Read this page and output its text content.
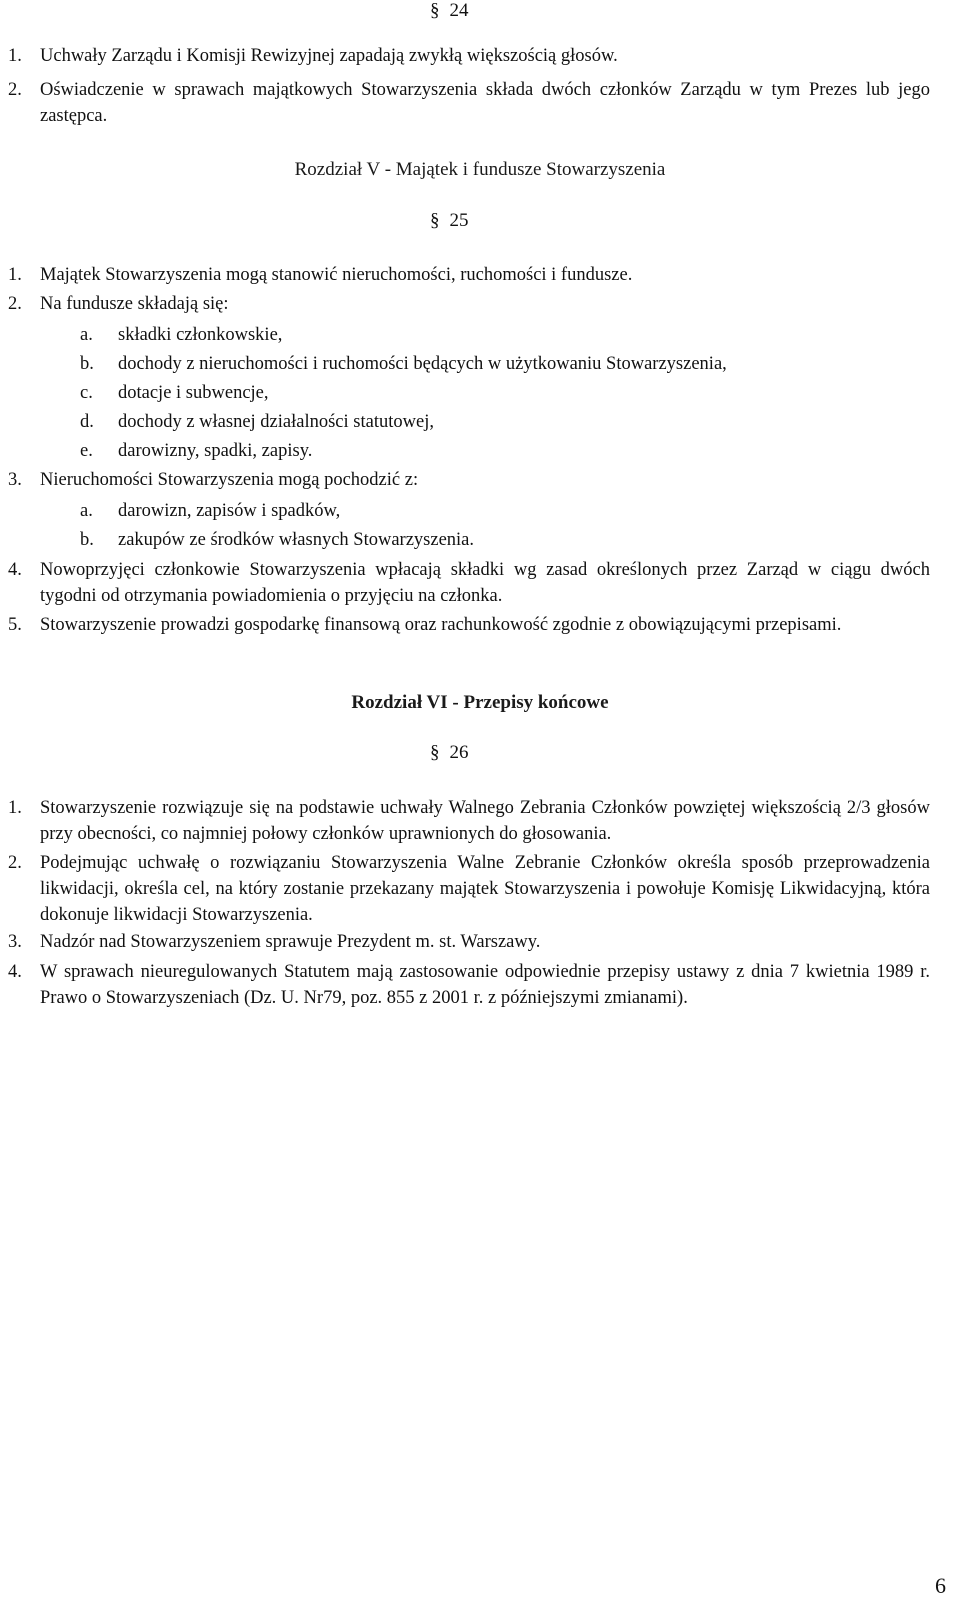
§ 24
1. Uchwały Zarządu i Komisji Rewizyjnej zapadają zwykłą większością głosów.
2. Oświadczenie w sprawach majątkowych Stowarzyszenia składa dwóch członków Zarządu w tym Prezes lub jego zastępca.
Rozdział V - Majątek i fundusze Stowarzyszenia
§ 25
1. Majątek Stowarzyszenia mogą stanowić nieruchomości, ruchomości i fundusze.
2. Na fundusze składają się:
a. składki członkowskie,
b. dochody z nieruchomości i ruchomości będących w użytkowaniu Stowarzyszenia,
c. dotacje i subwencje,
d. dochody z własnej działalności statutowej,
e. darowizny, spadki, zapisy.
3. Nieruchomości Stowarzyszenia mogą pochodzić z:
a. darowizn, zapisów i spadków,
b. zakupów ze środków własnych Stowarzyszenia.
4. Nowoprzyjęci członkowie Stowarzyszenia wpłacają składki wg zasad określonych przez Zarząd w ciągu dwóch tygodni od otrzymania powiadomienia o przyjęciu na członka.
5. Stowarzyszenie prowadzi gospodarkę finansową oraz rachunkowość zgodnie z obowiązującymi przepisami.
Rozdział VI - Przepisy końcowe
§ 26
1. Stowarzyszenie rozwiązuje się na podstawie uchwały Walnego Zebrania Członków powziętej większością 2/3 głosów przy obecności, co najmniej połowy członków uprawnionych do głosowania.
2. Podejmując uchwałę o rozwiązaniu Stowarzyszenia Walne Zebranie Członków określa sposób przeprowadzenia likwidacji, określa cel, na który zostanie przekazany majątek Stowarzyszenia i powołuje Komisję Likwidacyjną, która dokonuje likwidacji Stowarzyszenia.
3. Nadzór nad Stowarzyszeniem sprawuje Prezydent m. st. Warszawy.
4. W sprawach nieuregulowanych Statutem mają zastosowanie odpowiednie przepisy ustawy z dnia 7 kwietnia 1989 r. Prawo o Stowarzyszeniach (Dz. U. Nr79, poz. 855 z 2001 r. z późniejszymi zmianami).
6
